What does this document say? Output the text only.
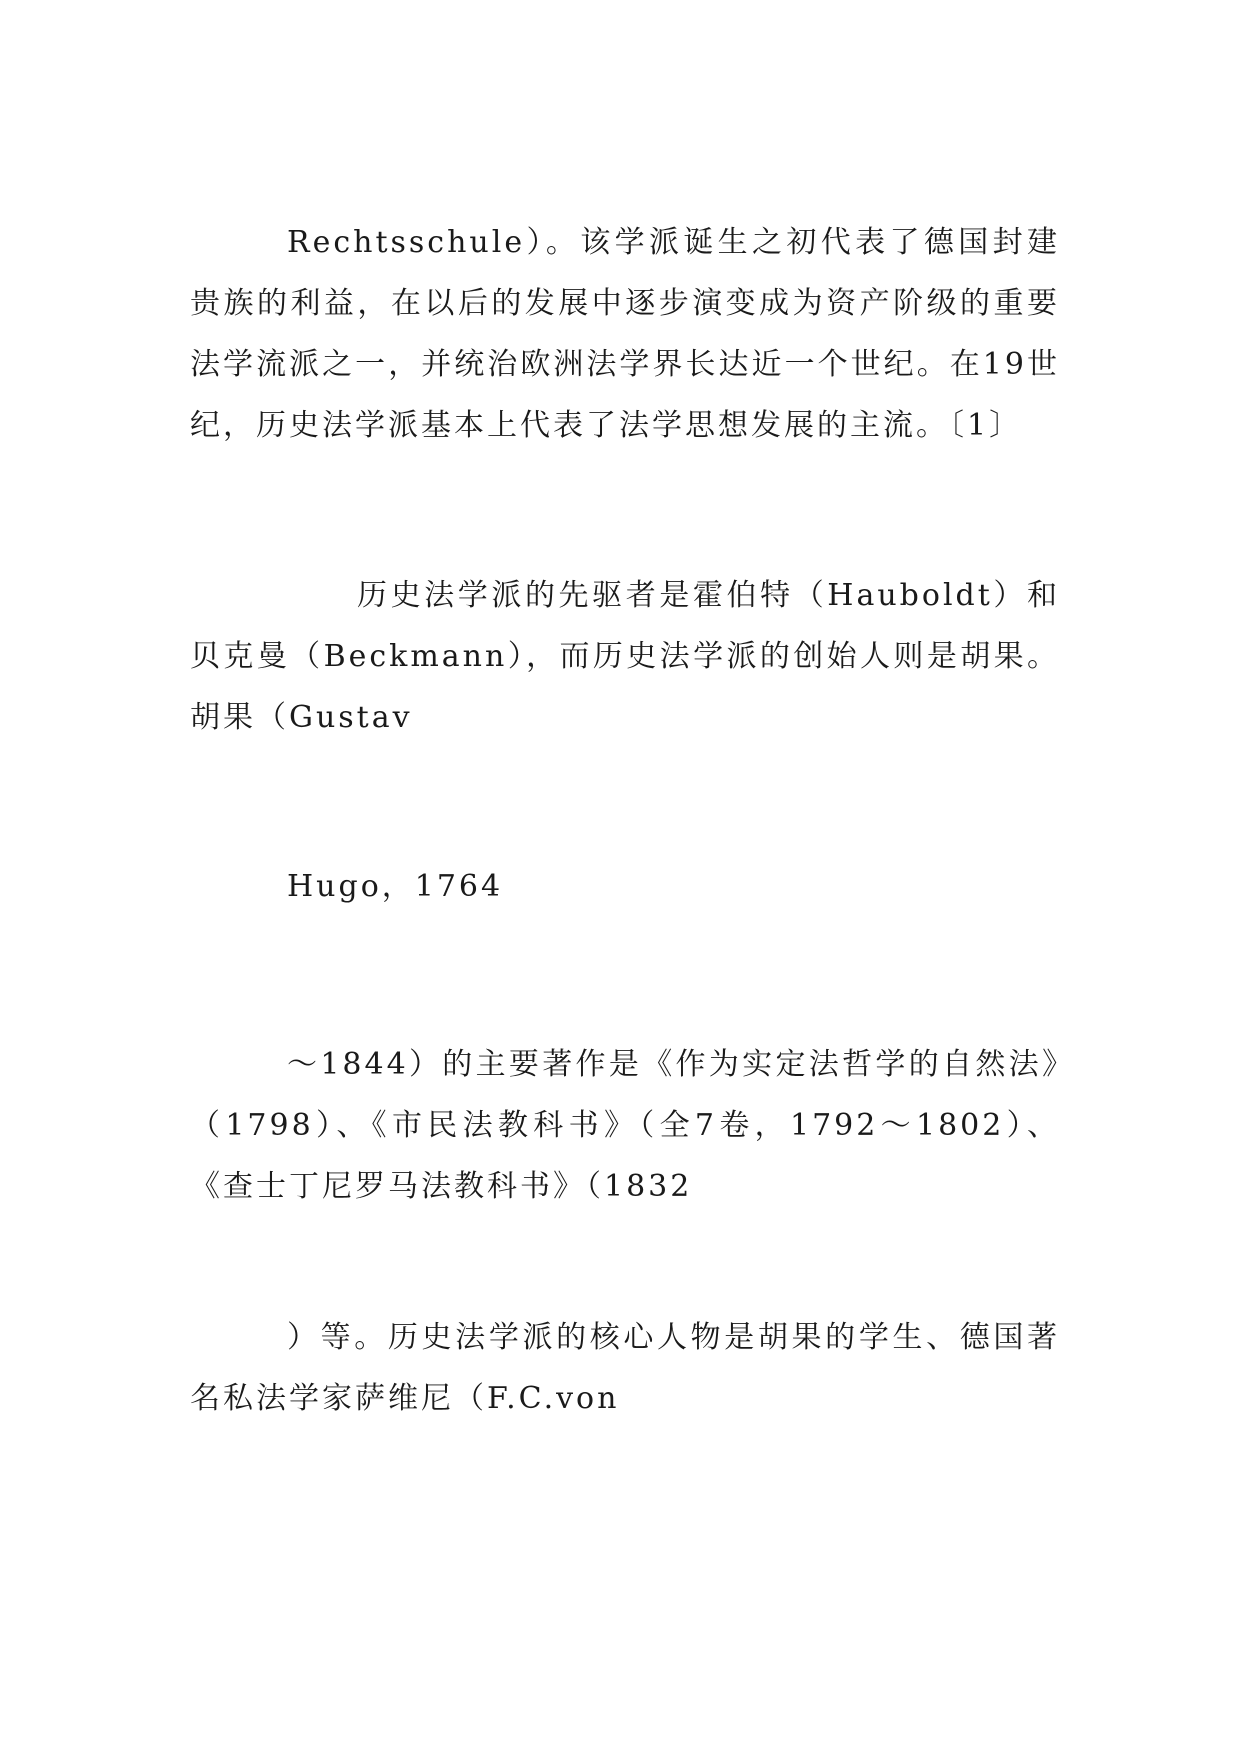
Rechtsschule）。该学派诞生之初代表了德国封建贵族的利益，在以后的发展中逐步演变成为资产阶级的重要法学流派之一，并统治欧洲法学界长达近一个世纪。在19世纪，历史法学派基本上代表了法学思想发展的主流。〔1〕

历史法学派的先驱者是霍伯特（Hauboldt）和贝克曼（Beckmann），而历史法学派的创始人则是胡果。胡果（Gustav

Hugo，1764

～1844）的主要著作是《作为实定法哲学的自然法》（1798）、《市民法教科书》（全7卷，1792～1802）、《查士丁尼罗马法教科书》（1832

）等。历史法学派的核心人物是胡果的学生、德国著名私法学家萨维尼（F.C.von
